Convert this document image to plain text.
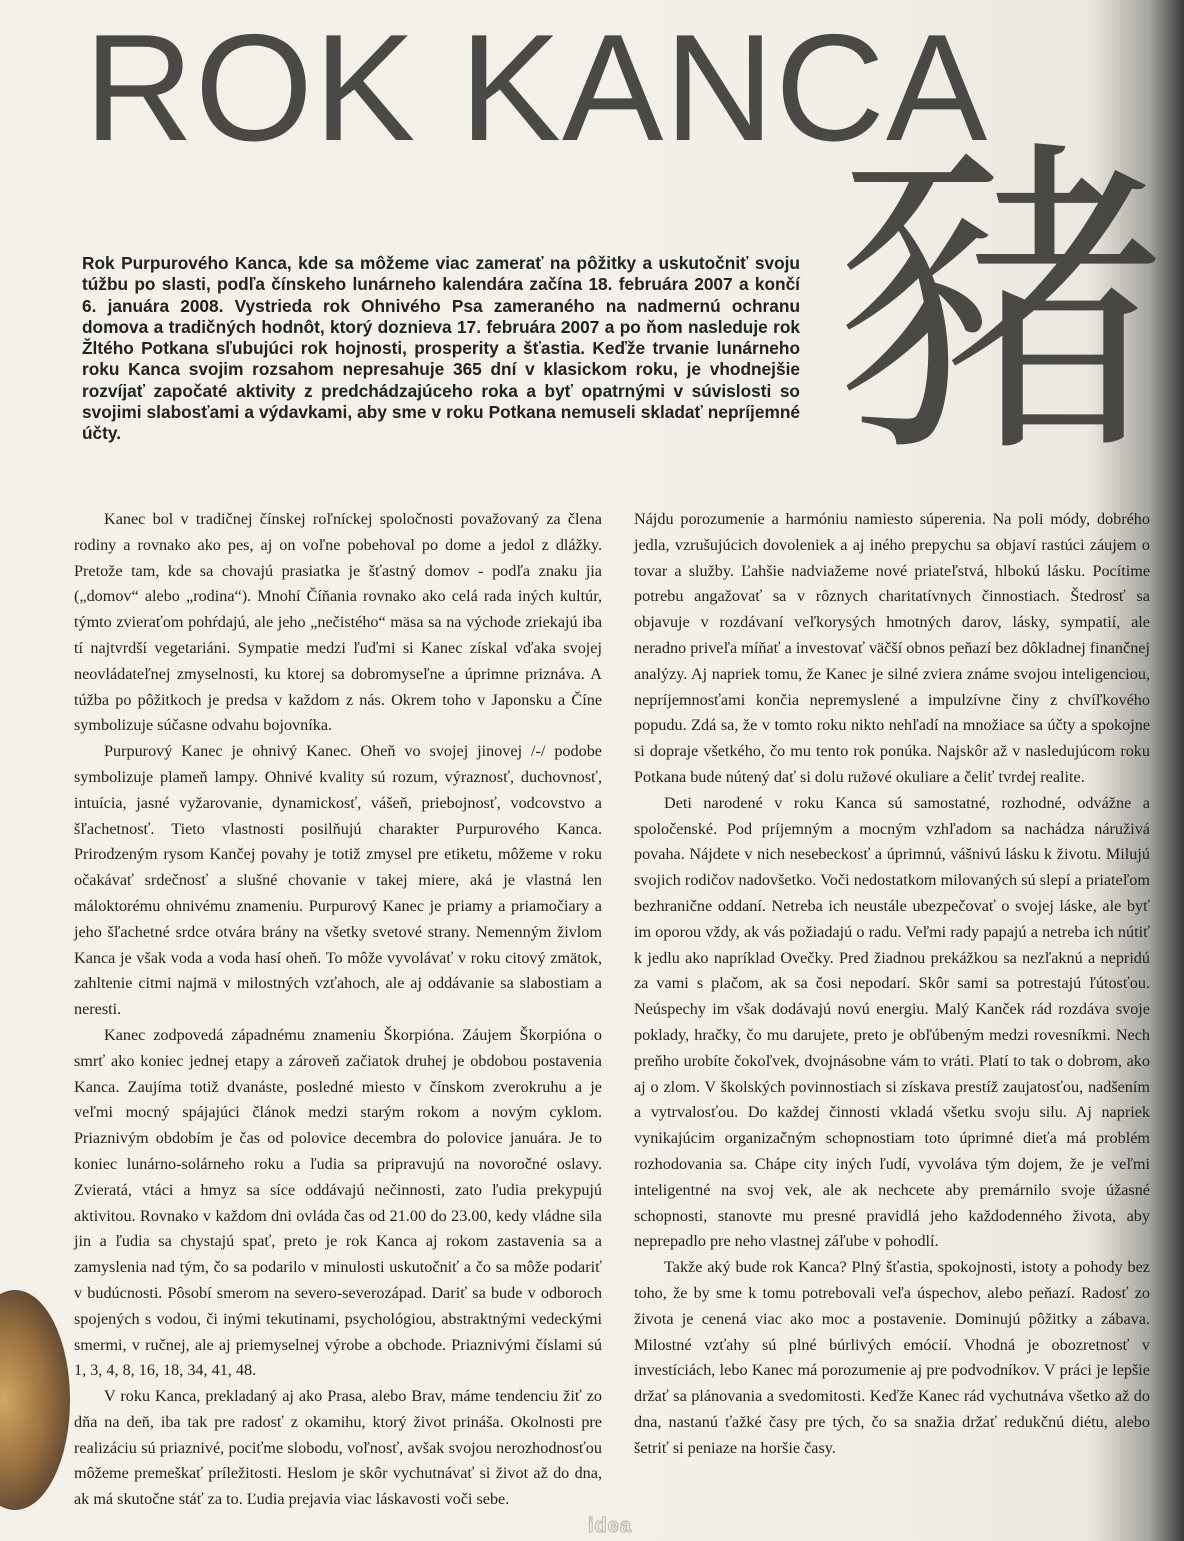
ROK KANCA
豬

Rok Purpurového Kanca, kde sa môžeme viac zamerať na pôžitky a uskutočniť svoju túžbu po slasti, podľa čínskeho lunárneho kalendára začína 18. februára 2007 a končí 6. januára 2008. Vystrieda rok Ohnivého Psa zameraného na nadmernú ochranu domova a tradičných hodnôt, ktorý doznieva 17. februára 2007 a po ňom nasleduje rok Žltého Potkana sľubujúci rok hojnosti, prosperity a šťastia. Keďže trvanie lunárneho roku Kanca svojim rozsahom nepresahuje 365 dní v klasickom roku, je vhodnejšie rozvíjať započaté aktivity z predchádzajúceho roka a byť opatrnými v súvislosti so svojimi slabosťami a výdavkami, aby sme v roku Potkana nemuseli skladať nepríjemné účty.

Kanec bol v tradičnej čínskej roľníckej spoločnosti považovaný za člena rodiny a rovnako ako pes, aj on voľne pobehoval po dome a jedol z dlážky. Pretože tam, kde sa chovajú prasiatka je šťastný domov - podľa znaku jia („domov“ alebo „rodina“). Mnohí Číňania rovnako ako celá rada iných kultúr, týmto zvieraťom pohŕdajú, ale jeho „nečistého“ mäsa sa na východe zriekajú iba tí najtvrdší vegetariáni. Sympatie medzi ľuďmi si Kanec získal vďaka svojej neovládateľnej zmyselnosti, ku ktorej sa dobromyseľne a úprimne priznáva. A túžba po pôžitkoch je predsa v každom z nás. Okrem toho v Japonsku a Číne symbolizuje súčasne odvahu bojovníka.

Purpurový Kanec je ohnivý Kanec. Oheň vo svojej jinovej /-/ podobe symbolizuje plameň lampy. Ohnivé kvality sú rozum, výraznosť, duchovnosť, intuícia, jasné vyžarovanie, dynamickosť, vášeň, priebojnosť, vodcovstvo a šľachetnosť. Tieto vlastnosti posilňujú charakter Purpurového Kanca. Prirodzeným rysom Kančej povahy je totiž zmysel pre etiketu, môžeme v roku očakávať srdečnosť a slušné chovanie v takej miere, aká je vlastná len máloktorému ohnivému znameniu. Purpurový Kanec je priamy a priamočiary a jeho šľachetné srdce otvára brány na všetky svetové strany. Nemenným živlom Kanca je však voda a voda hasí oheň. To môže vyvolávať v roku citový zmätok, zahltenie citmi najmä v milostných vzťahoch, ale aj oddávanie sa slabostiam a neresti.

Kanec zodpovedá západnému znameniu Škorpióna. Záujem Škorpióna o smrť ako koniec jednej etapy a zároveň začiatok druhej je obdobou postavenia Kanca. Zaujíma totiž dvanáste, posledné miesto v čínskom zverokruhu a je veľmi mocný spájajúci článok medzi starým rokom a novým cyklom. Priaznivým obdobím je čas od polovice decembra do polovice januára. Je to koniec lunárno-solárneho roku a ľudia sa pripravujú na novoročné oslavy. Zvieratá, vtáci a hmyz sa síce oddávajú nečinnosti, zato ľudia prekypujú aktivitou. Rovnako v každom dni ovláda čas od 21.00 do 23.00, kedy vládne sila jin a ľudia sa chystajú spať, preto je rok Kanca aj rokom zastavenia sa a zamyslenia nad tým, čo sa podarilo v minulosti uskutočniť a čo sa môže podariť v budúcnosti. Pôsobí smerom na severo-severozápad. Dariť sa bude v odboroch spojených s vodou, či inými tekutinami, psychológiou, abstraktnými vedeckými smermi, v ručnej, ale aj priemyselnej výrobe a obchode. Priaznivými číslami sú 1, 3, 4, 8, 16, 18, 34, 41, 48.

V roku Kanca, prekladaný aj ako Prasa, alebo Brav, máme tendenciu žiť zo dňa na deň, iba tak pre radosť z okamihu, ktorý život prináša. Okolnosti pre realizáciu sú priaznivé, pociťme slobodu, voľnosť, avšak svojou nerozhodnosťou môžeme premeškať príležitosti. Heslom je skôr vychutnávať si život až do dna, ak má skutočne stáť za to. Ľudia prejavia viac láskavosti voči sebe.

Nájdu porozumenie a harmóniu namiesto súperenia. Na poli módy, dobrého jedla, vzrušujúcich dovoleniek a aj iného prepychu sa objaví rastúci záujem o tovar a služby. Ľahšie nadviažeme nové priateľstvá, hlbokú lásku. Pocítime potrebu angažovať sa v rôznych charitatívnych činnostiach. Štedrosť sa objavuje v rozdávaní veľkorysých hmotných darov, lásky, sympatií, ale neradno priveľa míňať a investovať väčší obnos peňazí bez dôkladnej finančnej analýzy. Aj napriek tomu, že Kanec je silné zviera známe svojou inteligenciou, nepríjemnosťami končia nepremyslené a impulzívne činy z chvíľkového popudu. Zdá sa, že v tomto roku nikto nehľadí na množiace sa účty a spokojne si dopraje všetkého, čo mu tento rok ponúka. Najskôr až v nasledujúcom roku Potkana bude nútený dať si dolu ružové okuliare a čeliť tvrdej realite.

Deti narodené v roku Kanca sú samostatné, rozhodné, odvážne a spoločenské. Pod príjemným a mocným vzhľadom sa nachádza náruživá povaha. Nájdete v nich nesebeckosť a úprimnú, vášnivú lásku k životu. Milujú svojich rodičov nadovšetko. Voči nedostatkom milovaných sú slepí a priateľom bezhranične oddaní. Netreba ich neustále ubezpečovať o svojej láske, ale byť im oporou vždy, ak vás požiadajú o radu. Veľmi rady papajú a netreba ich nútiť k jedlu ako napríklad Ovečky. Pred žiadnou prekážkou sa nezľaknú a nepridú za vami s plačom, ak sa čosi nepodarí. Skôr sami sa potrestajú ľútosťou. Neúspechy im však dodávajú novú energiu. Malý Kanček rád rozdáva svoje poklady, hračky, čo mu darujete, preto je obľúbeným medzi rovesníkmi. Nech preňho urobíte čokoľvek, dvojnásobne vám to vráti. Platí to tak o dobrom, ako aj o zlom. V školských povinnostiach si získava prestíž zaujatosťou, nadšením a vytrvalosťou. Do každej činnosti vkladá všetku svoju silu. Aj napriek vynikajúcim organizačným schopnostiam toto úprimné dieťa má problém rozhodovania sa. Chápe city iných ľudí, vyvoláva tým dojem, že je veľmi inteligentné na svoj vek, ale ak nechcete aby premárnilo svoje úžasné schopnosti, stanovte mu presné pravidlá jeho každodenného života, aby neprepadlo pre neho vlastnej záľube v pohodlí.

Takže aký bude rok Kanca? Plný šťastia, spokojnosti, istoty a pohody bez toho, že by sme k tomu potrebovali veľa úspechov, alebo peňazí. Radosť zo života je cenená viac ako moc a postavenie. Dominujú pôžitky a zábava. Milostné vzťahy sú plné búrlivých emócií. Vhodná je obozretnosť v investíciách, lebo Kanec má porozumenie aj pre podvodníkov. V práci je lepšie držať sa plánovania a svedomitosti. Keďže Kanec rád vychutnáva všetko až do dna, nastanú ťažké časy pre tých, čo sa snažia držať redukčnú diétu, alebo šetriť si peniaze na horšie časy.

idea
